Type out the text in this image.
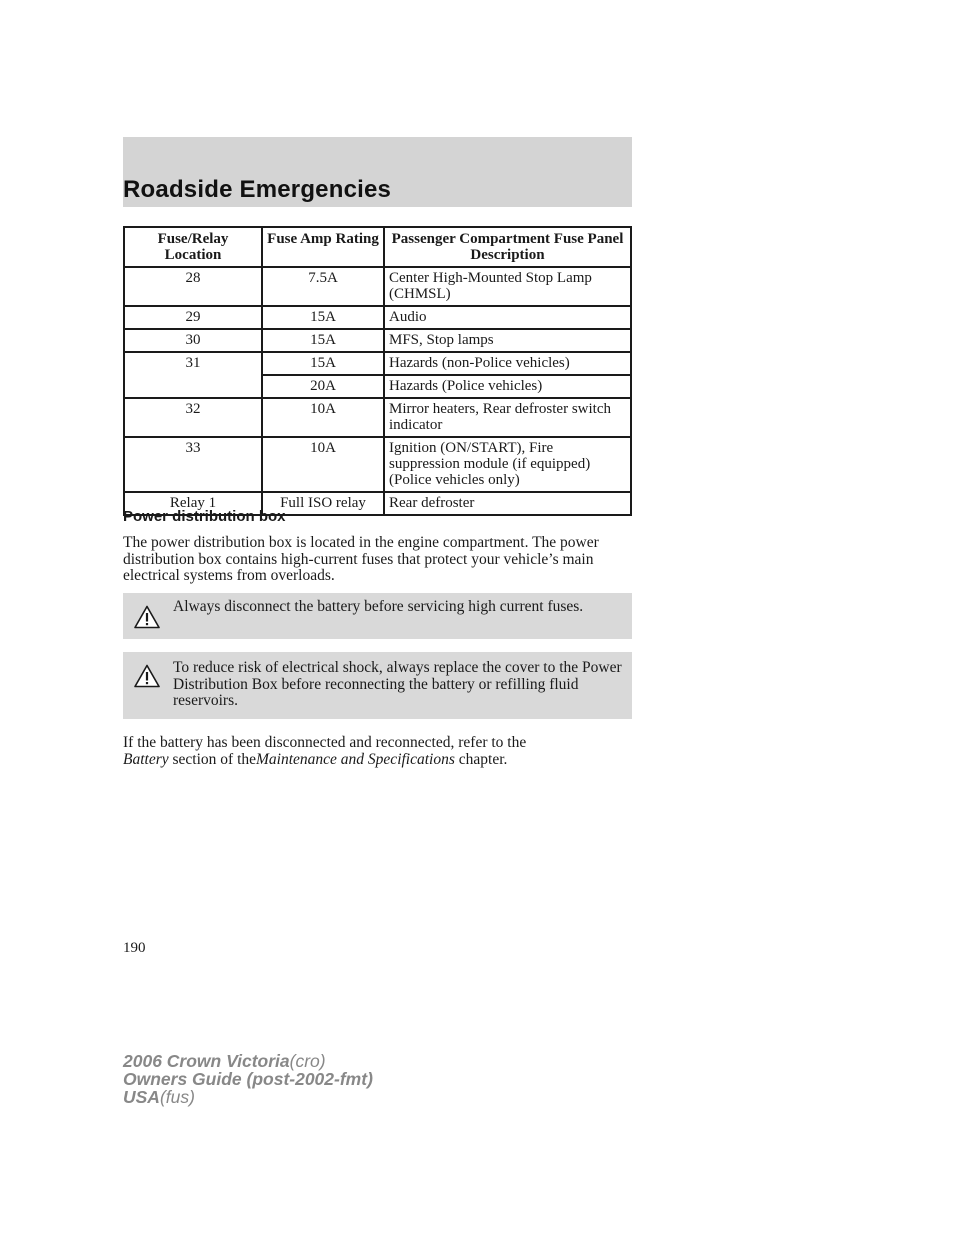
Roadside Emergencies
Fuse/Relay Location	Fuse Amp Rating	Passenger Compartment Fuse Panel Description
28	7.5A	Center High-Mounted Stop Lamp (CHMSL)
29	15A	Audio
30	15A	MFS, Stop lamps
31	15A	Hazards (non-Police vehicles)
	20A	Hazards (Police vehicles)
32	10A	Mirror heaters, Rear defroster switch indicator
33	10A	Ignition (ON/START), Fire suppression module (if equipped) (Police vehicles only)
Relay 1	Full ISO relay	Rear defroster
Power distribution box
The power distribution box is located in the engine compartment. The power distribution box contains high-current fuses that protect your vehicle’s main electrical systems from overloads.
Always disconnect the battery before servicing high current fuses.
To reduce risk of electrical shock, always replace the cover to the Power Distribution Box before reconnecting the battery or refilling fluid reservoirs.
If the battery has been disconnected and reconnected, refer to the
Battery section of theMaintenance and Specifications chapter.
190
2006 Crown Victoria(cro)
Owners Guide (post-2002-fmt)
USA(fus)
